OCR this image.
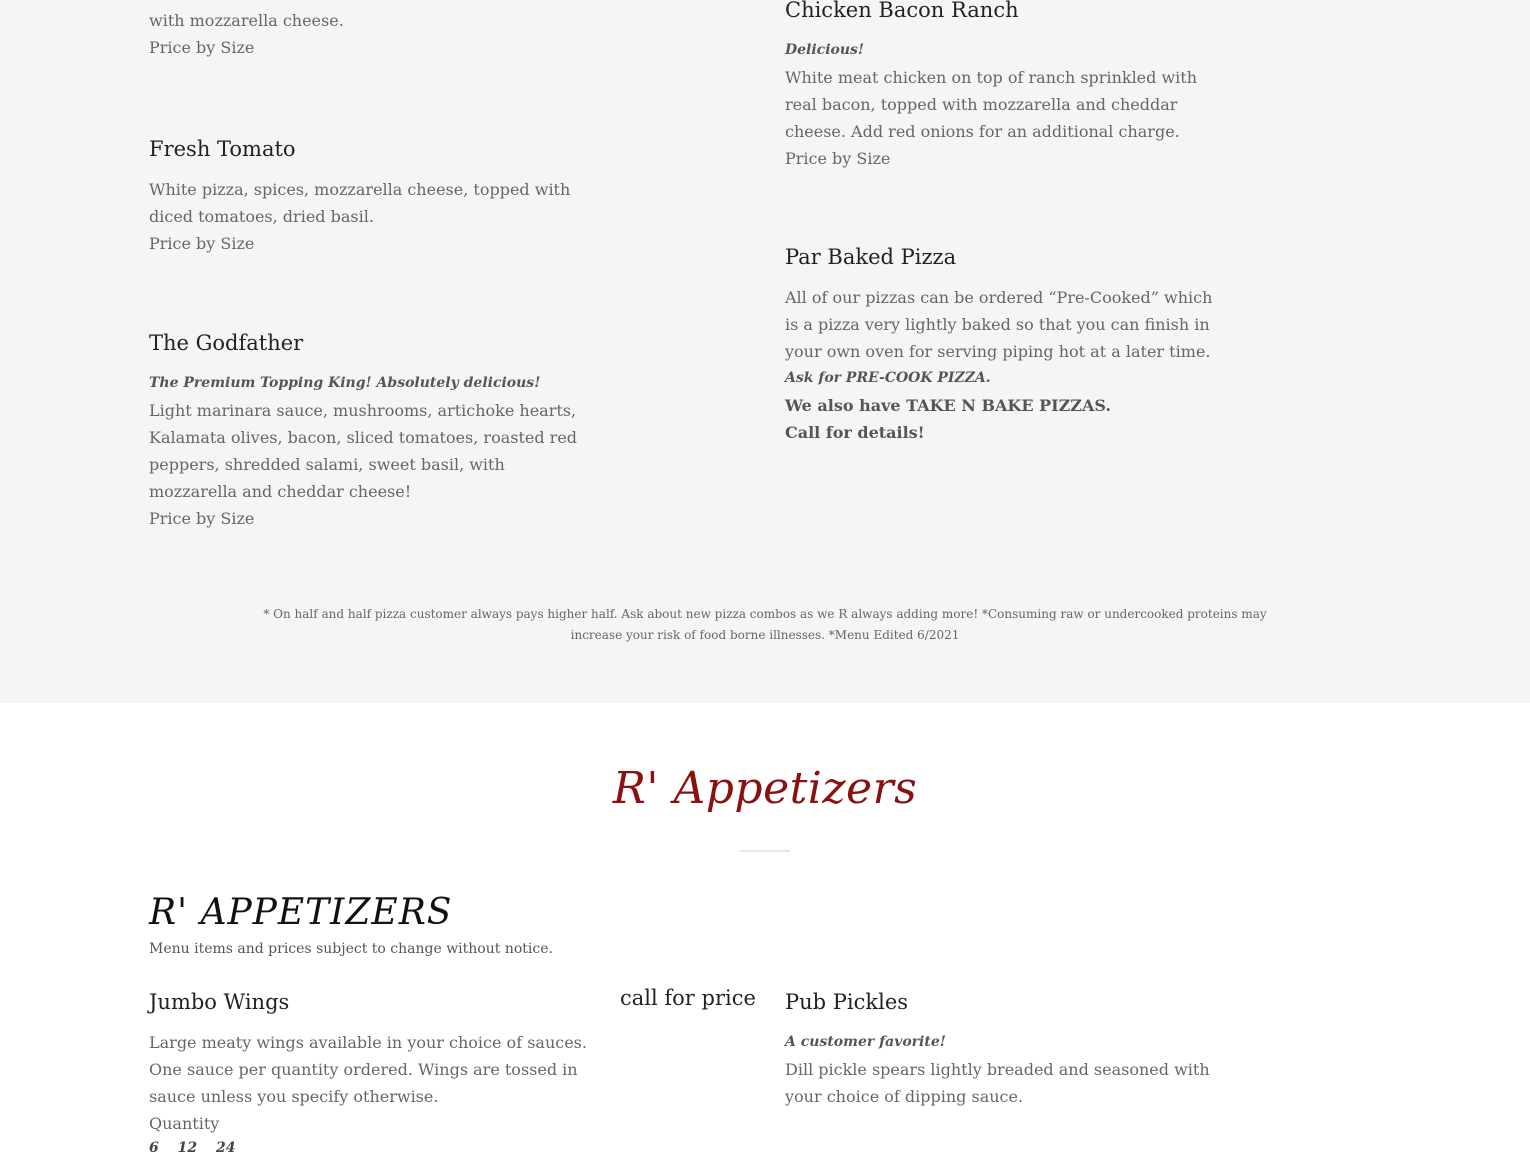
with mozzarella cheese.
Price by Size
Fresh Tomato
White pizza, spices, mozzarella cheese, topped with diced tomatoes, dried basil.
Price by Size
The Godfather
The Premium Topping King! Absolutely delicious!
Light marinara sauce, mushrooms, artichoke hearts, Kalamata olives, bacon, sliced tomatoes, roasted red peppers, shredded salami, sweet basil, with mozzarella and cheddar cheese!
Price by Size
Chicken Bacon Ranch
Delicious!
White meat chicken on top of ranch sprinkled with real bacon, topped with mozzarella and cheddar cheese. Add red onions for an additional charge.
Price by Size
Par Baked Pizza
All of our pizzas can be ordered “Pre-Cooked” which is a pizza very lightly baked so that you can finish in your own oven for serving piping hot at a later time.
Ask for PRE-COOK PIZZA.
We also have TAKE N BAKE PIZZAS.
Call for details!
* On half and half pizza customer always pays higher half. Ask about new pizza combos as we R always adding more! *Consuming raw or undercooked proteins may increase your risk of food borne illnesses. *Menu Edited 6/2021
R' Appetizers
R' APPETIZERS
Menu items and prices subject to change without notice.
Jumbo Wings
Large meaty wings available in your choice of sauces. One sauce per quantity ordered. Wings are tossed in sauce unless you specify otherwise.
Quantity
6 12 24
call for price Pub Pickles
A customer favorite!
Dill pickle spears lightly breaded and seasoned with your choice of dipping sauce.
